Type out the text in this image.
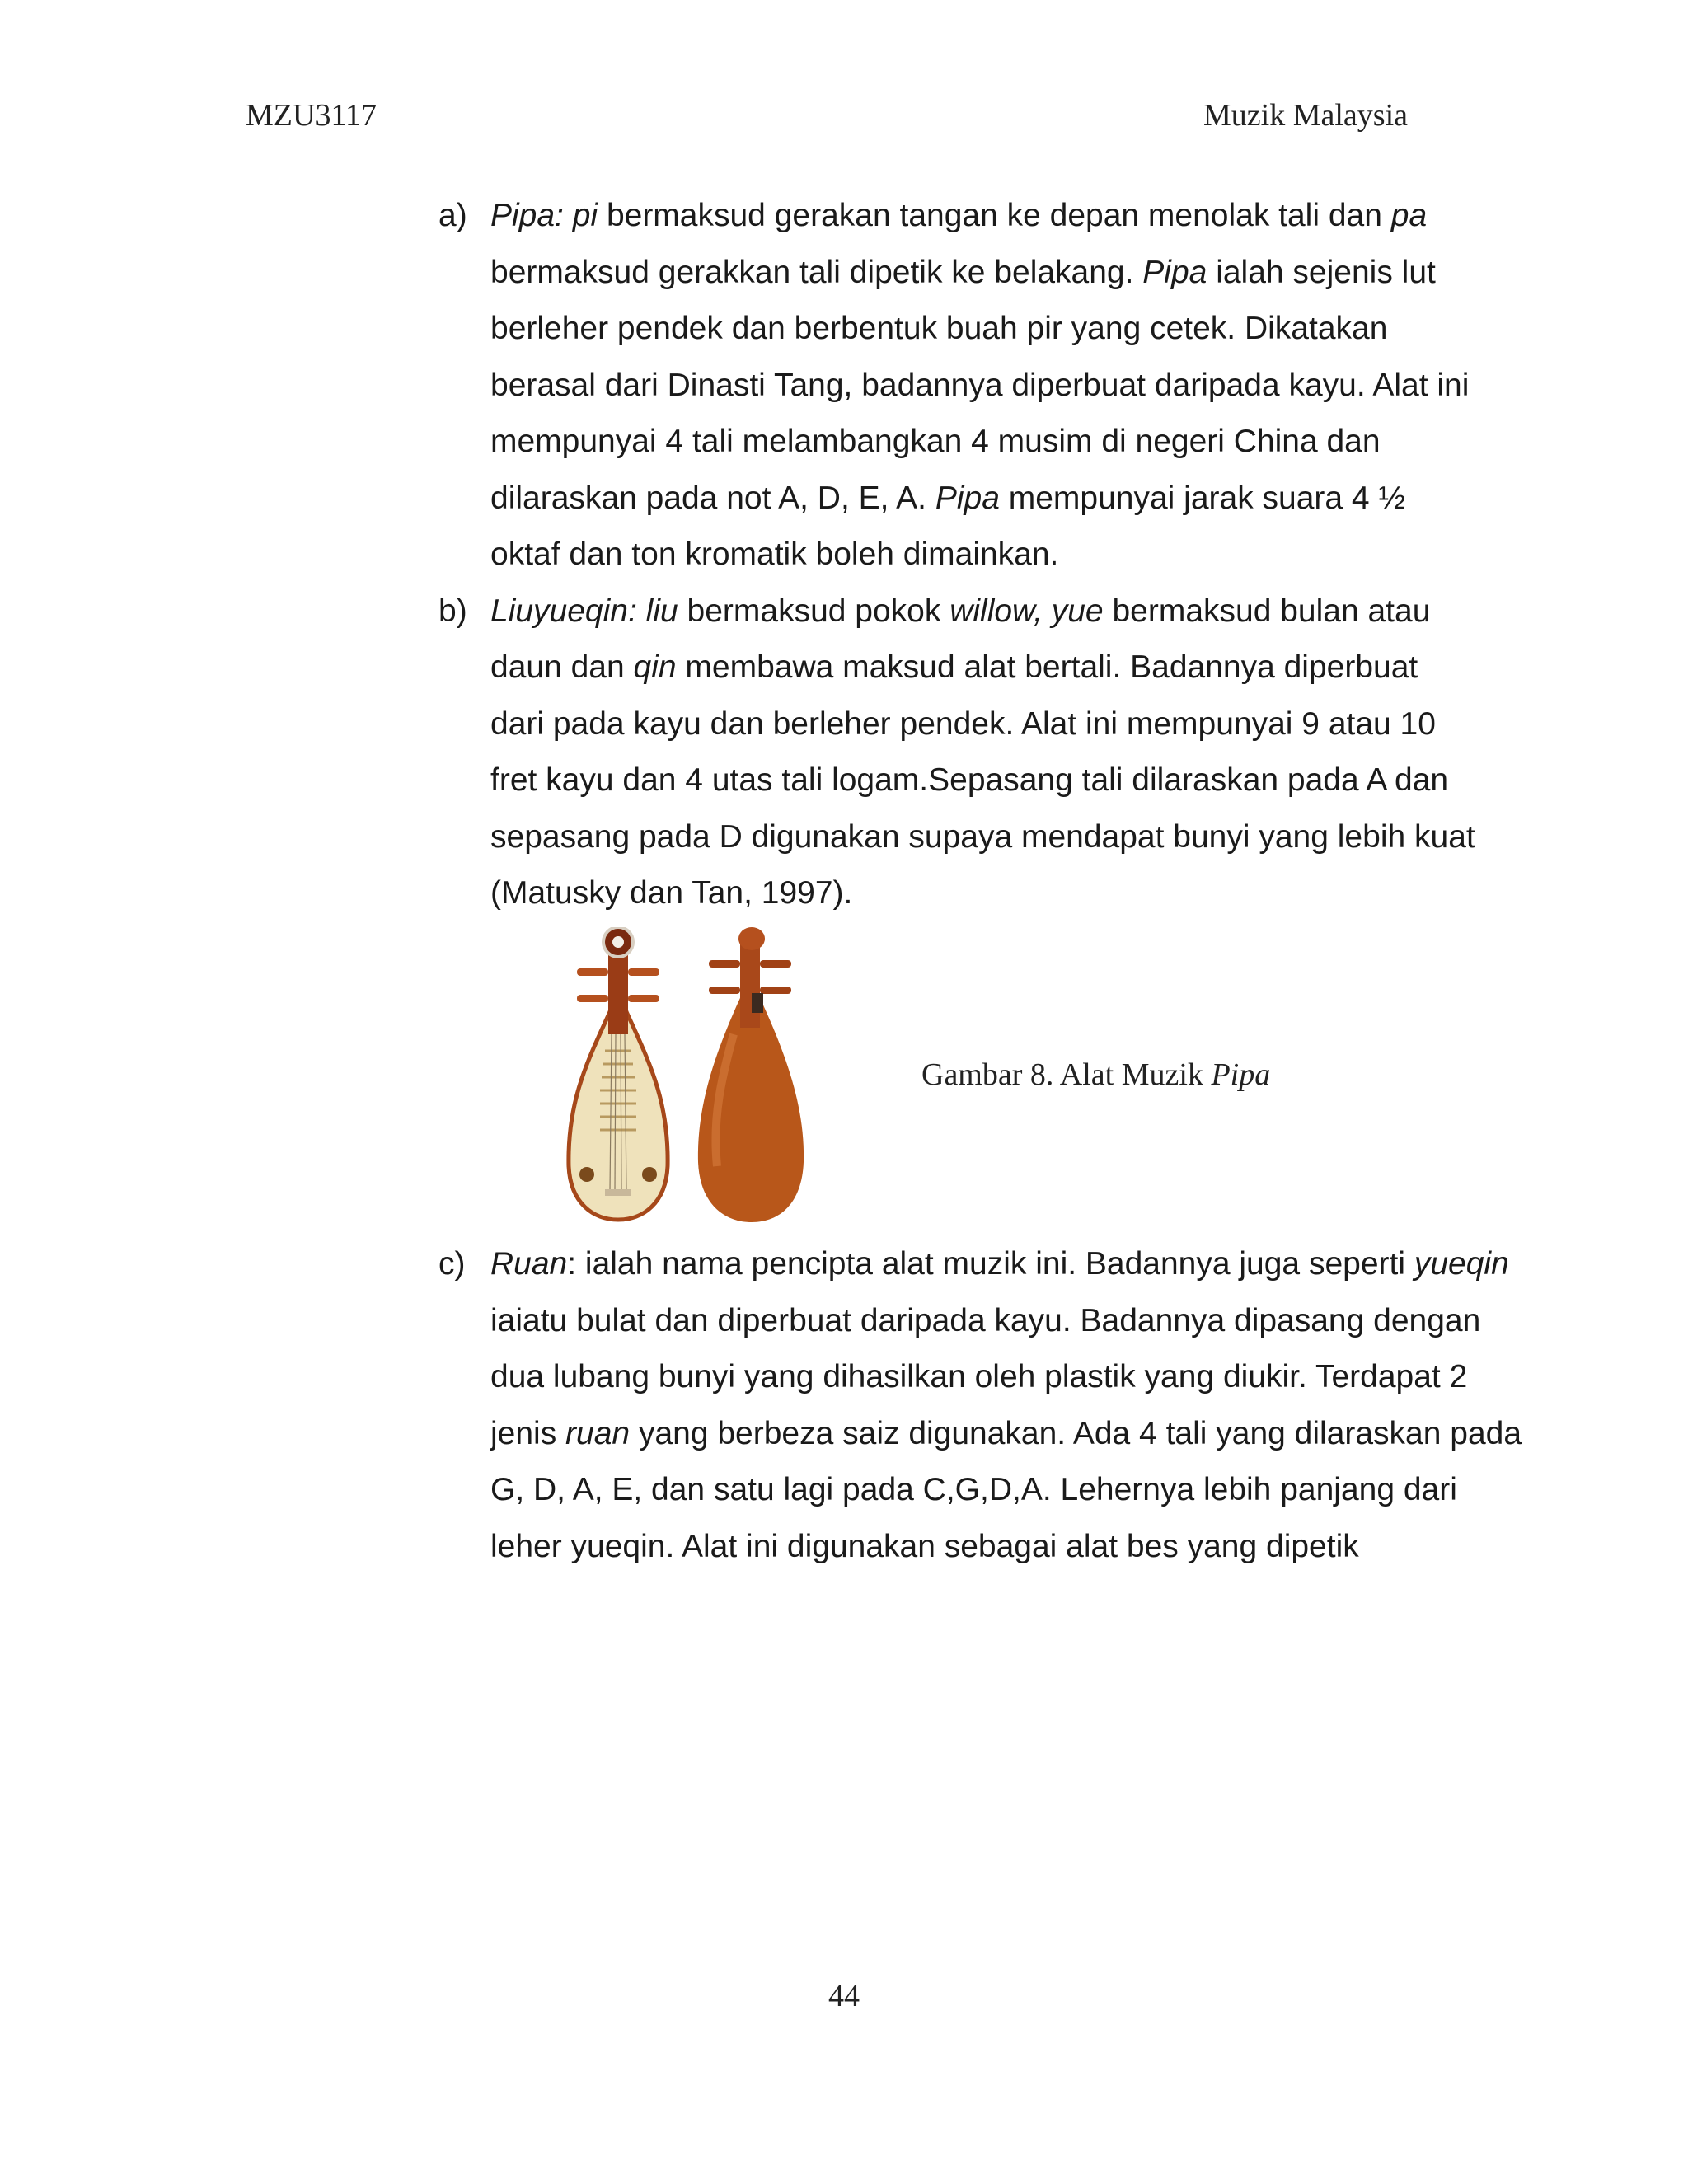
MZU3117	Muzik Malaysia
a) Pipa: pi bermaksud gerakan tangan ke depan menolak tali dan pa bermaksud gerakkan tali dipetik ke belakang. Pipa ialah sejenis lut berleher pendek dan berbentuk buah pir yang cetek. Dikatakan berasal dari Dinasti Tang, badannya diperbuat daripada kayu. Alat ini mempunyai 4 tali melambangkan 4 musim di negeri China dan dilaraskan pada not A, D, E, A. Pipa mempunyai jarak suara 4 ½ oktaf dan ton kromatik boleh dimainkan.
b) Liuyueqin: liu bermaksud pokok willow, yue bermaksud bulan atau daun dan qin membawa maksud alat bertali. Badannya diperbuat dari pada kayu dan berleher pendek. Alat ini mempunyai 9 atau 10 fret kayu dan 4 utas tali logam.Sepasang tali dilaraskan pada A dan sepasang pada D digunakan supaya mendapat bunyi yang lebih kuat (Matusky dan Tan, 1997).
Gambar 8. Alat Muzik Pipa
c) Ruan: ialah nama pencipta alat muzik ini. Badannya juga seperti yueqin iaiatu bulat dan diperbuat daripada kayu. Badannya dipasang dengan dua lubang bunyi yang dihasilkan oleh plastik yang diukir. Terdapat 2 jenis ruan yang berbeza saiz digunakan. Ada 4 tali yang dilaraskan pada G, D, A, E, dan satu lagi pada C,G,D,A. Lehernya lebih panjang dari leher yueqin. Alat ini digunakan sebagai alat bes yang dipetik
44
